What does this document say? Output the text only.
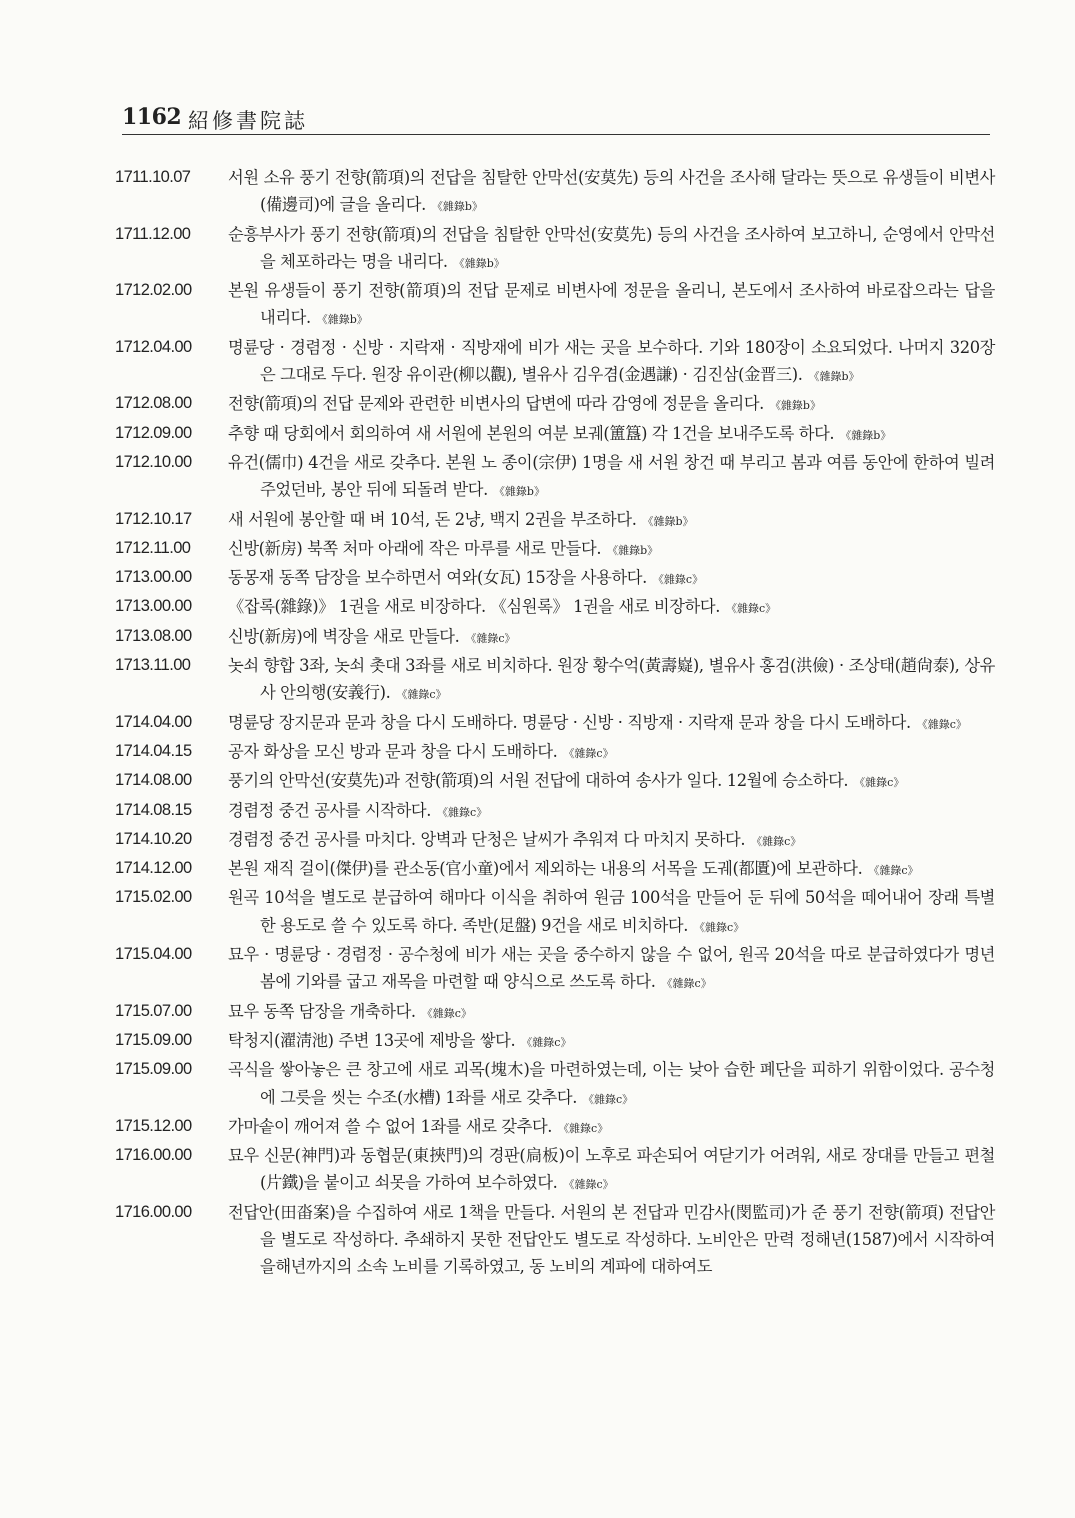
1162 紹修書院誌
1711.10.07	서원 소유 풍기 전향(箭項)의 전답을 침탈한 안막선(安莫先) 등의 사건을 조사해 달라는 뜻으로 유생들이 비변사(備邊司)에 글을 올리다. 《雜錄b》
1711.12.00	순흥부사가 풍기 전향(箭項)의 전답을 침탈한 안막선(安莫先) 등의 사건을 조사하여 보고하니, 순영에서 안막선을 체포하라는 명을 내리다. 《雜錄b》
1712.02.00	본원 유생들이 풍기 전향(箭項)의 전답 문제로 비변사에 정문을 올리니, 본도에서 조사하여 바로잡으라는 답을 내리다. 《雜錄b》
1712.04.00	명륜당 · 경렴정 · 신방 · 지락재 · 직방재에 비가 새는 곳을 보수하다. 기와 180장이 소요되었다. 나머지 320장은 그대로 두다. 원장 유이관(柳以觀), 별유사 김우겸(金遇謙) · 김진삼(金晋三). 《雜錄b》
1712.08.00	전향(箭項)의 전답 문제와 관련한 비변사의 답변에 따라 감영에 정문을 올리다. 《雜錄b》
1712.09.00	추향 때 당회에서 회의하여 새 서원에 본원의 여분 보궤(簠簋) 각 1건을 보내주도록 하다. 《雜錄b》
1712.10.00	유건(儒巾) 4건을 새로 갖추다. 본원 노 종이(宗伊) 1명을 새 서원 창건 때 부리고 봄과 여름 동안에 한하여 빌려주었던바, 봉안 뒤에 되돌려 받다. 《雜錄b》
1712.10.17	새 서원에 봉안할 때 벼 10석, 돈 2냥, 백지 2권을 부조하다. 《雜錄b》
1712.11.00	신방(新房) 북쪽 처마 아래에 작은 마루를 새로 만들다. 《雜錄b》
1713.00.00	동몽재 동쪽 담장을 보수하면서 여와(女瓦) 15장을 사용하다. 《雜錄c》
1713.00.00	《잡록(雜錄)》 1권을 새로 비장하다. 《심원록》 1권을 새로 비장하다. 《雜錄c》
1713.08.00	신방(新房)에 벽장을 새로 만들다. 《雜錄c》
1713.11.00	놋쇠 향합 3좌, 놋쇠 촛대 3좌를 새로 비치하다. 원장 황수억(黃壽嶷), 별유사 홍검(洪儉) · 조상태(趙尙泰), 상유사 안의행(安義行). 《雜錄c》
1714.04.00	명륜당 장지문과 문과 창을 다시 도배하다. 명륜당 · 신방 · 직방재 · 지락재 문과 창을 다시 도배하다. 《雜錄c》
1714.04.15	공자 화상을 모신 방과 문과 창을 다시 도배하다. 《雜錄c》
1714.08.00	풍기의 안막선(安莫先)과 전향(箭項)의 서원 전답에 대하여 송사가 일다. 12월에 승소하다. 《雜錄c》
1714.08.15	경렴정 중건 공사를 시작하다. 《雜錄c》
1714.10.20	경렴정 중건 공사를 마치다. 앙벽과 단청은 날씨가 추워져 다 마치지 못하다. 《雜錄c》
1714.12.00	본원 재직 걸이(傑伊)를 관소동(官小童)에서 제외하는 내용의 서목을 도궤(都匱)에 보관하다. 《雜錄c》
1715.02.00	원곡 10석을 별도로 분급하여 해마다 이식을 취하여 원금 100석을 만들어 둔 뒤에 50석을 떼어내어 장래 특별한 용도로 쓸 수 있도록 하다. 족반(足盤) 9건을 새로 비치하다. 《雜錄c》
1715.04.00	묘우 · 명륜당 · 경렴정 · 공수청에 비가 새는 곳을 중수하지 않을 수 없어, 원곡 20석을 따로 분급하였다가 명년 봄에 기와를 굽고 재목을 마련할 때 양식으로 쓰도록 하다. 《雜錄c》
1715.07.00	묘우 동쪽 담장을 개축하다. 《雜錄c》
1715.09.00	탁청지(濯淸池) 주변 13곳에 제방을 쌓다. 《雜錄c》
1715.09.00	곡식을 쌓아놓은 큰 창고에 새로 괴목(塊木)을 마련하였는데, 이는 낮아 습한 폐단을 피하기 위함이었다. 공수청에 그릇을 씻는 수조(水槽) 1좌를 새로 갖추다. 《雜錄c》
1715.12.00	가마솥이 깨어져 쓸 수 없어 1좌를 새로 갖추다. 《雜錄c》
1716.00.00	묘우 신문(神門)과 동협문(東挾門)의 경판(扃板)이 노후로 파손되어 여닫기가 어려워, 새로 장대를 만들고 편철(片鐵)을 붙이고 쇠못을 가하여 보수하였다. 《雜錄c》
1716.00.00	전답안(田畓案)을 수집하여 새로 1책을 만들다. 서원의 본 전답과 민감사(閔監司)가 준 풍기 전향(箭項) 전답안을 별도로 작성하다. 추쇄하지 못한 전답안도 별도로 작성하다. 노비안은 만력 정해년(1587)에서 시작하여 을해년까지의 소속 노비를 기록하였고, 동 노비의 계파에 대하여도
